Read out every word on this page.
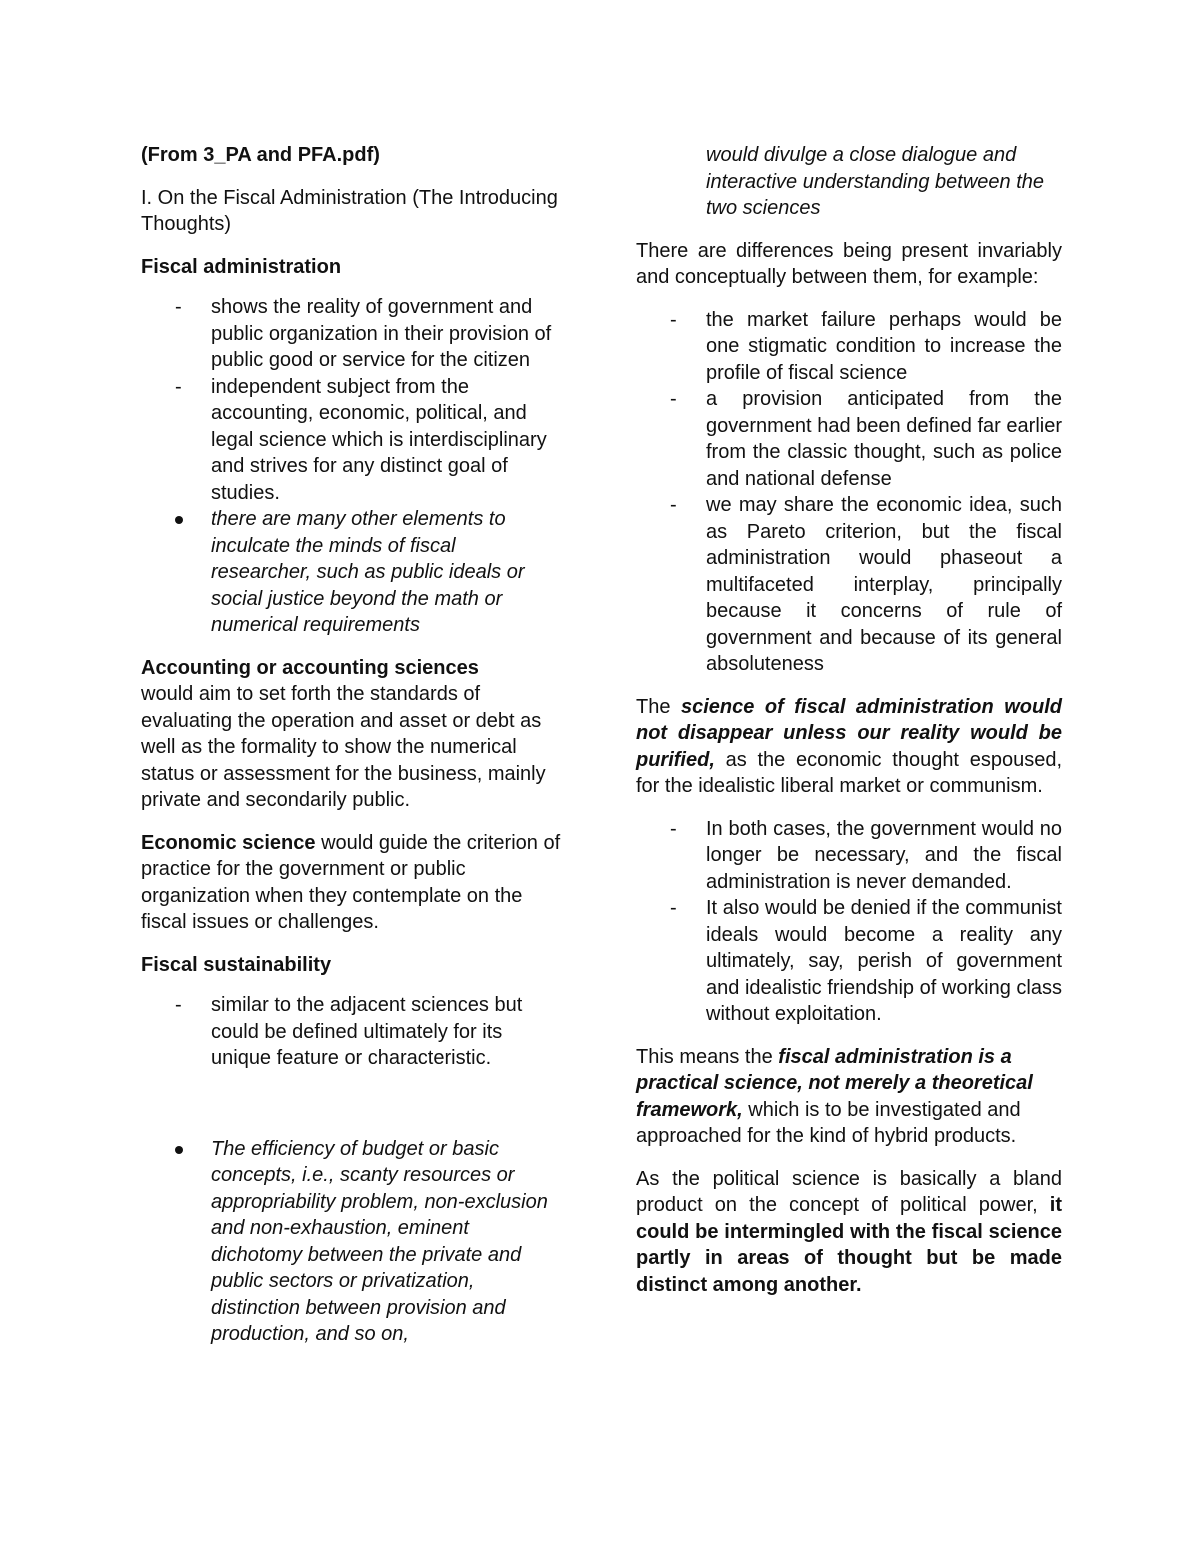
(From 3_PA and PFA.pdf)

I. On the Fiscal Administration (The Introducing Thoughts)

Fiscal administration

- shows the reality of government and public organization in their provision of public good or service for the citizen
- independent subject from the accounting, economic, political, and legal science which is interdisciplinary and strives for any distinct goal of studies.
there are many other elements to inculcate the minds of fiscal researcher, such as public ideals or social justice beyond the math or numerical requirements

Accounting or accounting sciences
would aim to set forth the standards of evaluating the operation and asset or debt as well as the formality to show the numerical status or assessment for the business, mainly private and secondarily public.

Economic science would guide the criterion of practice for the government or public organization when they contemplate on the fiscal issues or challenges.

Fiscal sustainability

- similar to the adjacent sciences but could be defined ultimately for its unique feature or characteristic.
The efficiency of budget or basic concepts, i.e., scanty resources or appropriability problem, non-exclusion and non-exhaustion, eminent dichotomy between the private and public sectors or privatization, distinction between provision and production, and so on,
would divulge a close dialogue and interactive understanding between the two sciences

There are differences being present invariably and conceptually between them, for example:

- the market failure perhaps would be one stigmatic condition to increase the profile of fiscal science
- a provision anticipated from the government had been defined far earlier from the classic thought, such as police and national defense
- we may share the economic idea, such as Pareto criterion, but the fiscal administration would phaseout a multifaceted interplay, principally because it concerns of rule of government and because of its general absoluteness

The science of fiscal administration would not disappear unless our reality would be purified, as the economic thought espoused, for the idealistic liberal market or communism.

- In both cases, the government would no longer be necessary, and the fiscal administration is never demanded.
- It also would be denied if the communist ideals would become a reality any ultimately, say, perish of government and idealistic friendship of working class without exploitation.

This means the fiscal administration is a practical science, not merely a theoretical framework, which is to be investigated and approached for the kind of hybrid products.

As the political science is basically a bland product on the concept of political power, it could be intermingled with the fiscal science partly in areas of thought but be made distinct among another.
